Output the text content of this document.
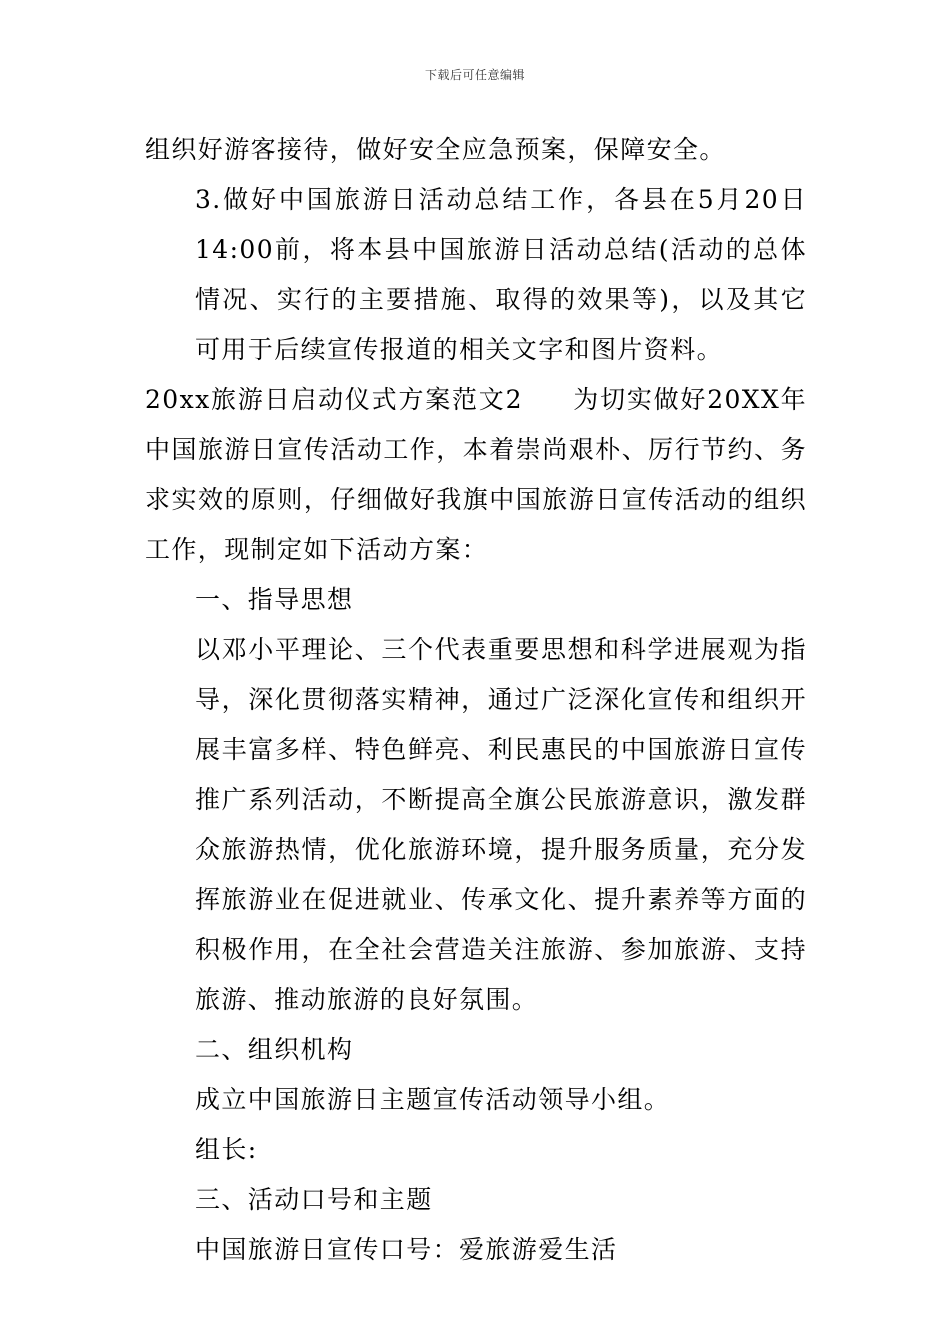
下载后可任意编辑

组织好游客接待，做好安全应急预案，保障安全。

3.做好中国旅游日活动总结工作，各县在5月20日14:00前，将本县中国旅游日活动总结(活动的总体情况、实行的主要措施、取得的效果等)，以及其它可用于后续宣传报道的相关文字和图片资料。

20xx旅游日启动仪式方案范文2 为切实做好20XX年中国旅游日宣传活动工作，本着崇尚艰朴、厉行节约、务求实效的原则，仔细做好我旗中国旅游日宣传活动的组织工作，现制定如下活动方案：

一、指导思想

以邓小平理论、三个代表重要思想和科学进展观为指导，深化贯彻落实精神，通过广泛深化宣传和组织开展丰富多样、特色鲜亮、利民惠民的中国旅游日宣传推广系列活动，不断提高全旗公民旅游意识，激发群众旅游热情，优化旅游环境，提升服务质量，充分发挥旅游业在促进就业、传承文化、提升素养等方面的积极作用，在全社会营造关注旅游、参加旅游、支持旅游、推动旅游的良好氛围。

二、组织机构

成立中国旅游日主题宣传活动领导小组。

组长:

三、活动口号和主题

中国旅游日宣传口号：爱旅游爱生活
